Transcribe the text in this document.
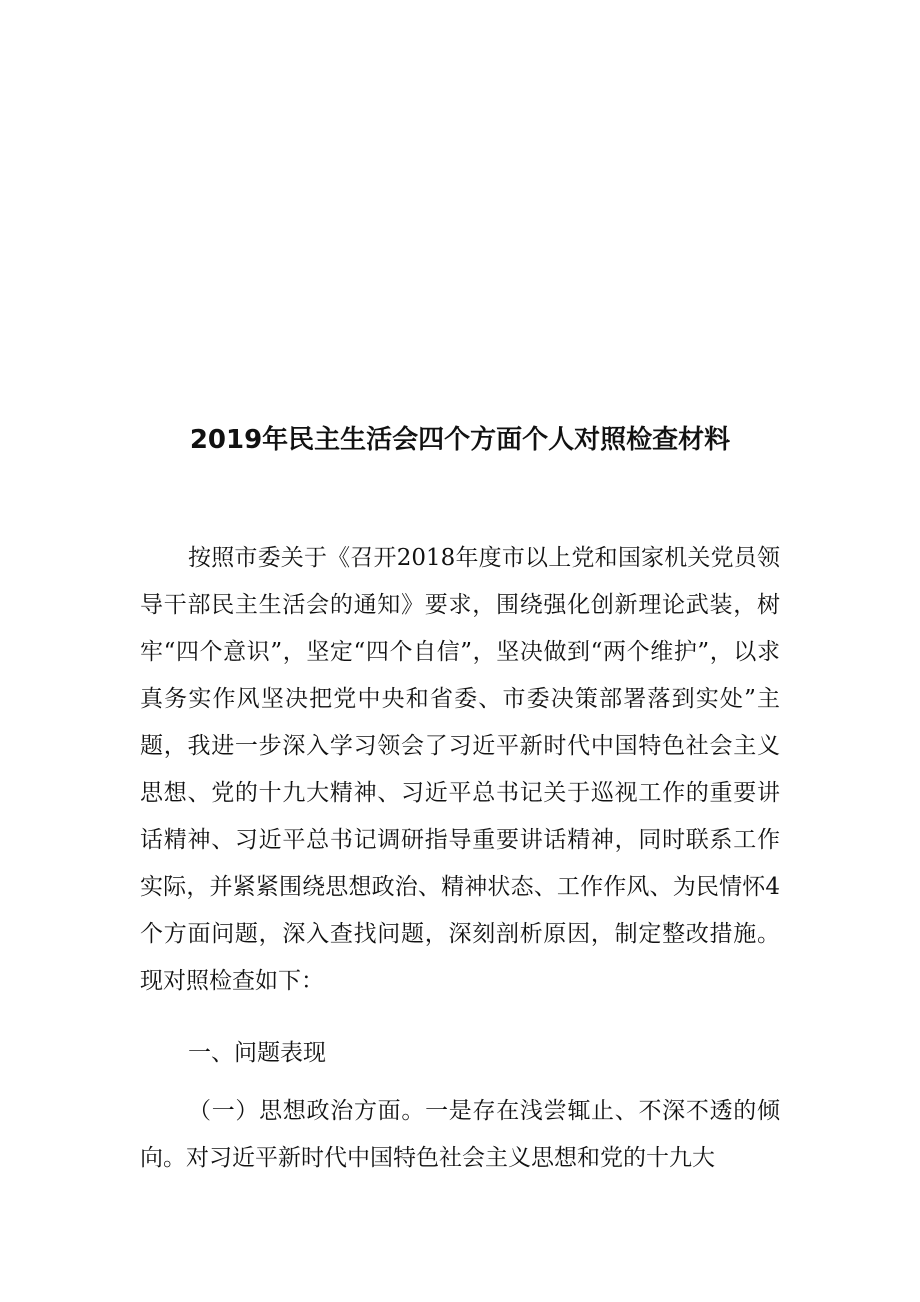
2019年民主生活会四个方面个人对照检查材料
按照市委关于《召开2018年度市以上党和国家机关党员领导干部民主生活会的通知》要求，围绕强化创新理论武装，树牢“四个意识”，坚定“四个自信”，坚决做到“两个维护”，以求真务实作风坚决把党中央和省委、市委决策部署落到实处”主题，我进一步深入学习领会了习近平新时代中国特色社会主义思想、党的十九大精神、习近平总书记关于巡视工作的重要讲话精神、习近平总书记调研指导重要讲话精神，同时联系工作实际，并紧紧围绕思想政治、精神状态、工作作风、为民情怀4个方面问题，深入查找问题，深刻剖析原因，制定整改措施。现对照检查如下：
一、问题表现
（一）思想政治方面。一是存在浅尝辄止、不深不透的倾向。对习近平新时代中国特色社会主义思想和党的十九大
